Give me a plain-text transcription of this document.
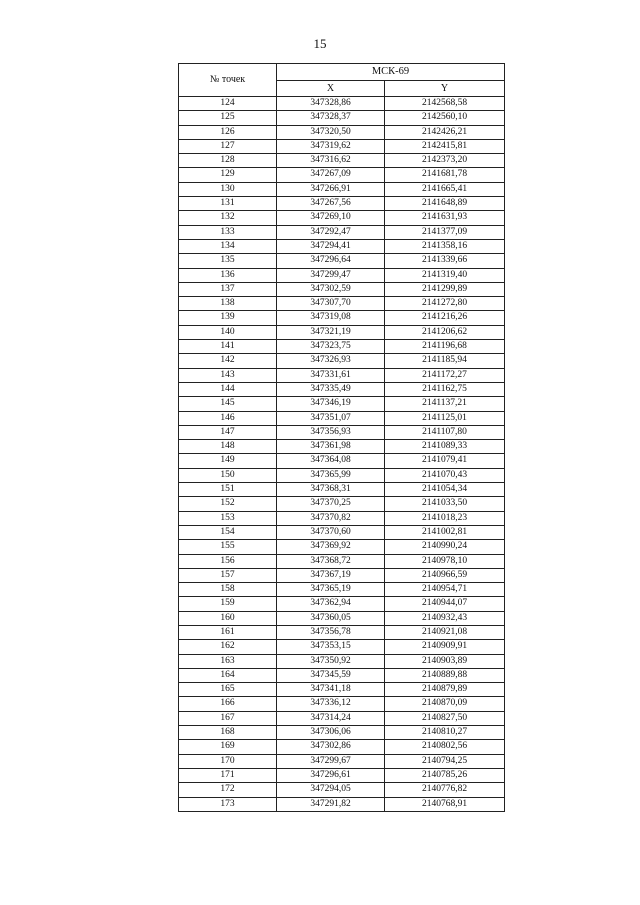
15
№ точек	МСК-69	
	X	Y
124	347328,86	2142568,58
125	347328,37	2142560,10
126	347320,50	2142426,21
127	347319,62	2142415,81
128	347316,62	2142373,20
129	347267,09	2141681,78
130	347266,91	2141665,41
131	347267,56	2141648,89
132	347269,10	2141631,93
133	347292,47	2141377,09
134	347294,41	2141358,16
135	347296,64	2141339,66
136	347299,47	2141319,40
137	347302,59	2141299,89
138	347307,70	2141272,80
139	347319,08	2141216,26
140	347321,19	2141206,62
141	347323,75	2141196,68
142	347326,93	2141185,94
143	347331,61	2141172,27
144	347335,49	2141162,75
145	347346,19	2141137,21
146	347351,07	2141125,01
147	347356,93	2141107,80
148	347361,98	2141089,33
149	347364,08	2141079,41
150	347365,99	2141070,43
151	347368,31	2141054,34
152	347370,25	2141033,50
153	347370,82	2141018,23
154	347370,60	2141002,81
155	347369,92	2140990,24
156	347368,72	2140978,10
157	347367,19	2140966,59
158	347365,19	2140954,71
159	347362,94	2140944,07
160	347360,05	2140932,43
161	347356,78	2140921,08
162	347353,15	2140909,91
163	347350,92	2140903,89
164	347345,59	2140889,88
165	347341,18	2140879,89
166	347336,12	2140870,09
167	347314,24	2140827,50
168	347306,06	2140810,27
169	347302,86	2140802,56
170	347299,67	2140794,25
171	347296,61	2140785,26
172	347294,05	2140776,82
173	347291,82	2140768,91
